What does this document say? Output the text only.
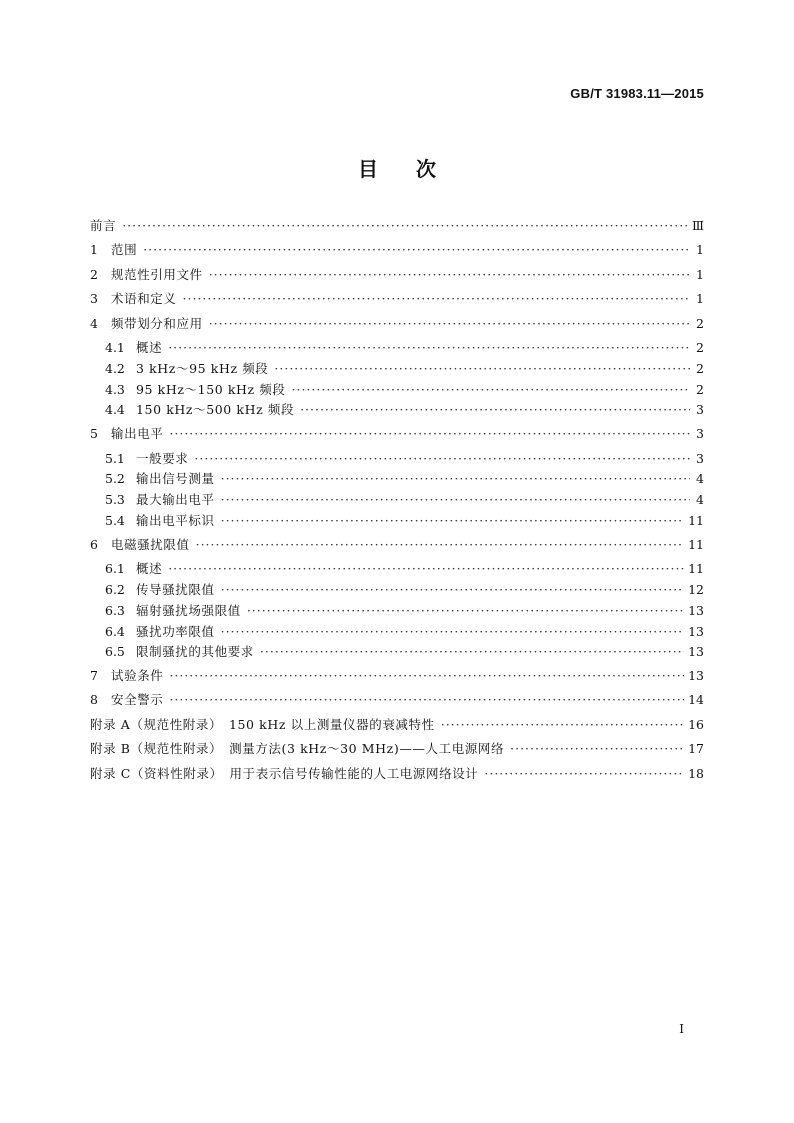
GB/T 31983.11—2015
目次
前言 ·····	Ⅲ
1	范围 ·····	1
2	规范性引用文件 ·····	1
3	术语和定义 ·····	1
4	频带划分和应用 ·····	2
4.1 概述 ·····	2
4.2 3 kHz～95 kHz 频段 ·····	2
4.3 95 kHz～150 kHz 频段 ·····	2
4.4 150 kHz～500 kHz 频段 ·····	3
5	输出电平 ·····	3
5.1 一般要求 ·····	3
5.2 输出信号测量 ·····	4
5.3 最大输出电平 ·····	4
5.4 输出电平标识 ·····	11
6	电磁骚扰限值 ·····	11
6.1 概述 ·····	11
6.2 传导骚扰限值 ·····	12
6.3 辐射骚扰场强限值 ·····	13
6.4 骚扰功率限值 ·····	13
6.5 限制骚扰的其他要求 ·····	13
7	试验条件 ·····	13
8	安全警示 ·····	14
附录 A（规范性附录）　150 kHz 以上测量仪器的衰减特性 ·····	16
附录 B（规范性附录）　测量方法(3 kHz～30 MHz)——人工电源网络 ·····	17
附录 C（资料性附录）　用于表示信号传输性能的人工电源网络设计 ·····	18
I
